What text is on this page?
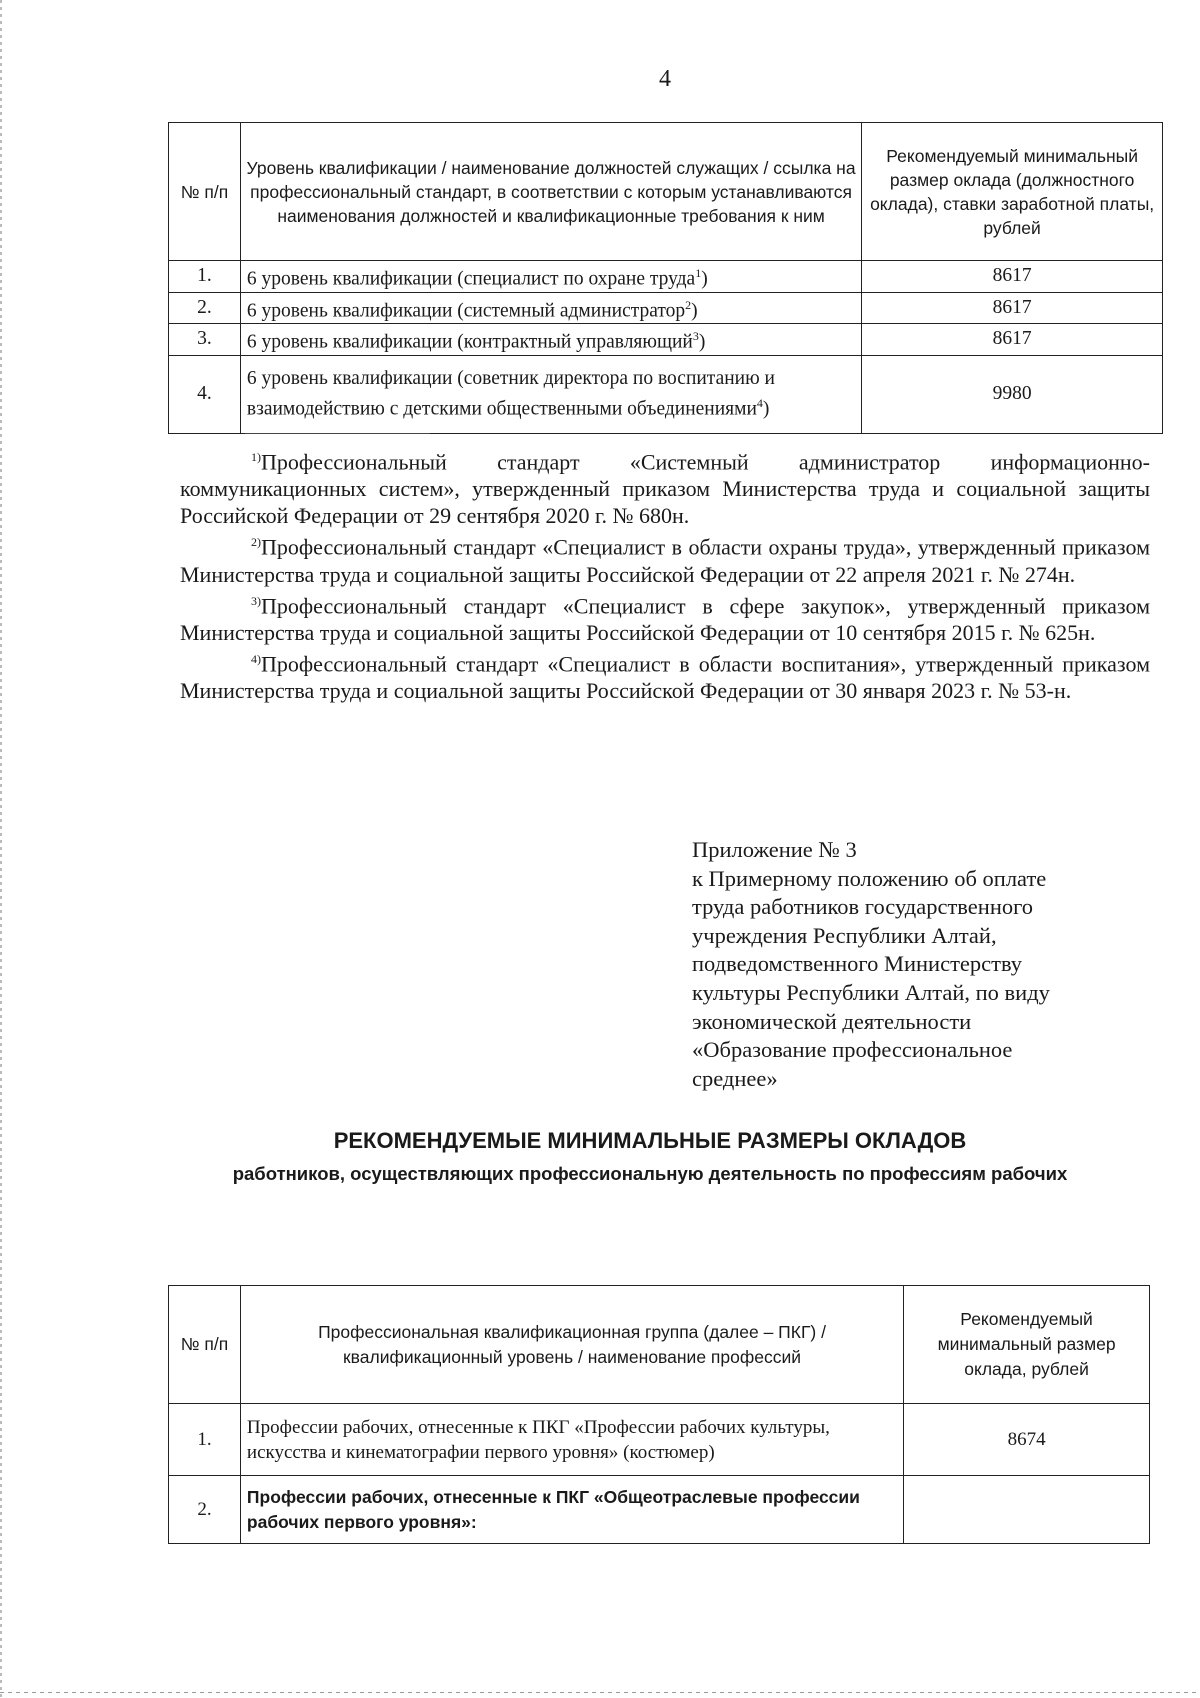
4
№ п/п	Уровень квалификации / наименование должностей служащих / ссылка на профессиональный стандарт, в соответствии с которым устанавливаются наименования должностей и квалификационные требования к ним	Рекомендуемый минимальный размер оклада (должностного оклада), ставки заработной платы, рублей
1.	6 уровень квалификации (специалист по охране труда$^1$)	8617
2.	6 уровень квалификации (системный администратор$^2$)	8617
3.	6 уровень квалификации (контрактный управляющий$^3$)	8617
4.	6 уровень квалификации (советник директора по воспитанию и взаимодействию с детскими общественными объединениями$^4$)	9980

$^{1)}$Профессиональный стандарт «Системный администратор информационно-коммуникационных систем», утвержденный приказом Министерства труда и социальной защиты Российской Федерации от 29 сентября 2020 г. № 680н.

$^{2)}$Профессиональный стандарт «Специалист в области охраны труда», утвержденный приказом Министерства труда и социальной защиты Российской Федерации от 22 апреля 2021 г. № 274н.

$^{3)}$Профессиональный стандарт «Специалист в сфере закупок», утвержденный приказом Министерства труда и социальной защиты Российской Федерации от 10 сентября 2015 г. № 625н.

$^{4)}$Профессиональный стандарт «Специалист в области воспитания», утвержденный приказом Министерства труда и социальной защиты Российской Федерации от 30 января 2023 г. № 53-н.

Приложение № 3

к Примерному положению об оплате

труда работников государственного

учреждения Республики Алтай,

подведомственного Министерству

культуры Республики Алтай, по виду

экономической деятельности

«Образование профессиональное

среднее»

РЕКОМЕНДУЕМЫЕ МИНИМАЛЬНЫЕ РАЗМЕРЫ ОКЛАДОВ
работников, осуществляющих профессиональную деятельность по профессиям рабочих
№ п/п	Профессиональная квалификационная группа (далее – ПКГ) / квалификационный уровень / наименование профессий	Рекомендуемый минимальный размер оклада, рублей
1.	Профессии рабочих, отнесенные к ПКГ «Профессии рабочих культуры, искусства и кинематографии первого уровня» (костюмер)	8674
2.	Профессии рабочих, отнесенные к ПКГ «Общеотраслевые профессии рабочих первого уровня»:	
